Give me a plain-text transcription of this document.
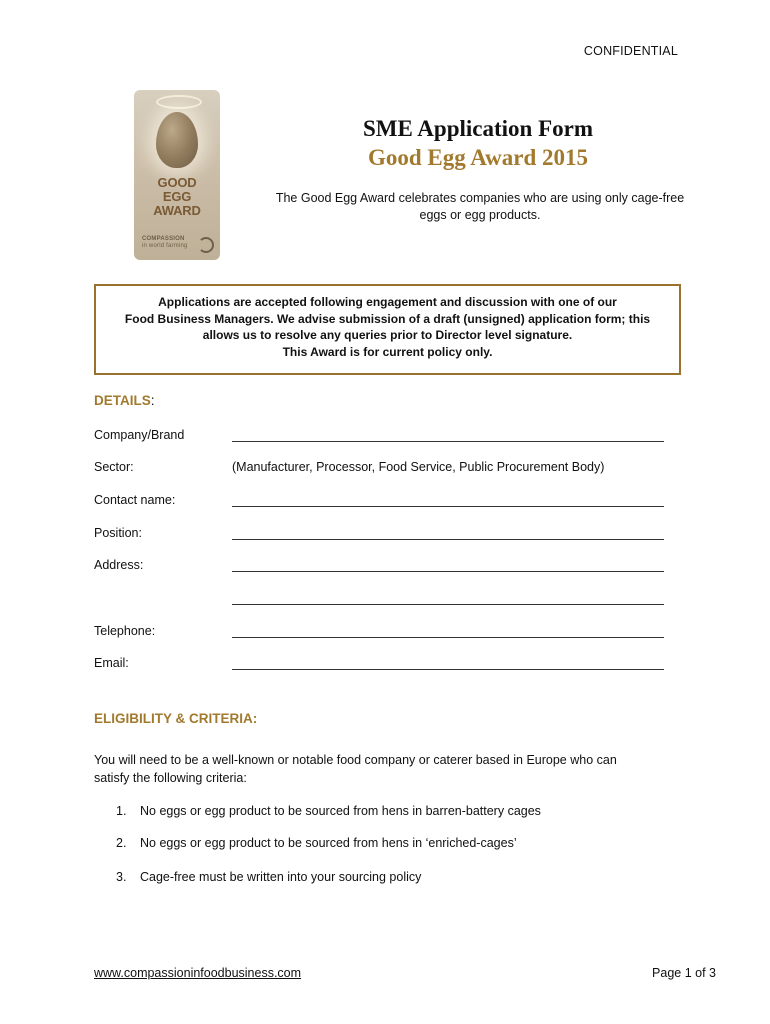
CONFIDENTIAL
GOOD
EGG
AWARD
COMPASSION
in world farming
SME Application Form
Good Egg Award 2015
The Good Egg Award celebrates companies who are using only cage-free
eggs or egg products.
Applications are accepted following engagement and discussion with one of our
Food Business Managers. We advise submission of a draft (unsigned) application form; this
allows us to resolve any queries prior to Director level signature.
This Award is for current policy only.
DETAILS:
Company/Brand
Sector:	(Manufacturer, Processor, Food Service, Public Procurement Body)
Contact name:
Position:
Address:
Telephone:
Email:
ELIGIBILITY & CRITERIA:
You will need to be a well-known or notable food company or caterer based in Europe who can
satisfy the following criteria:
1. No eggs or egg product to be sourced from hens in barren-battery cages
2. No eggs or egg product to be sourced from hens in ‘enriched-cages’
3. Cage-free must be written into your sourcing policy
www.compassioninfoodbusiness.com	Page 1 of 3
